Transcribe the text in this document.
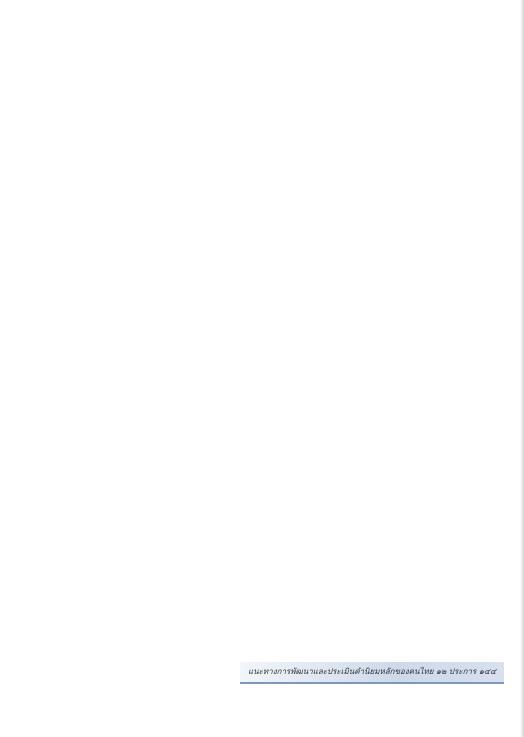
แนะทางการพัฒนาและประเมินคำนิยมหลักของคนไทย ๑๒ ประการ ๑๔๔
